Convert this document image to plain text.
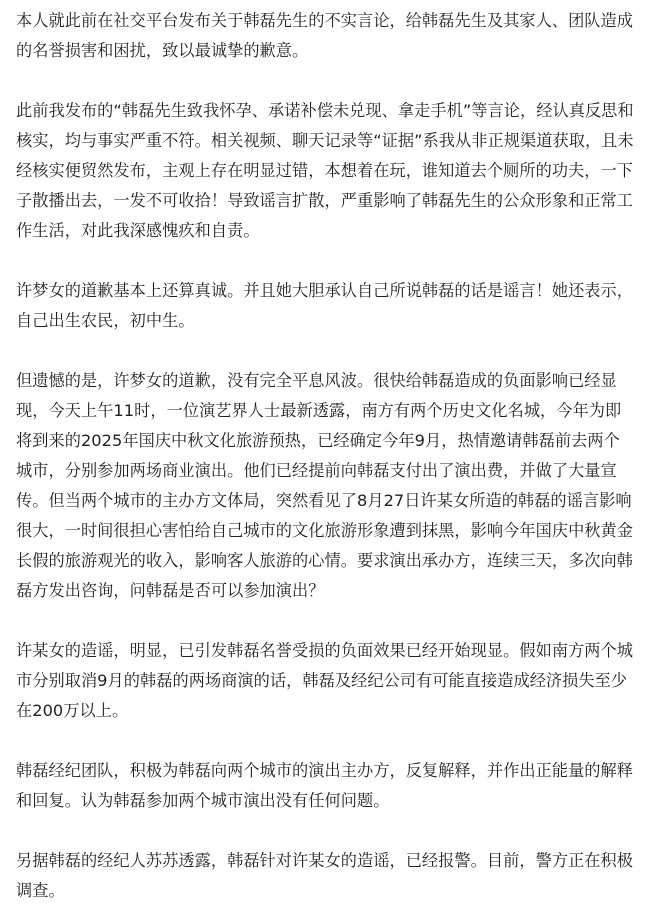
本人就此前在社交平台发布关于韩磊先生的不实言论，给韩磊先生及其家人、团队造成的名誉损害和困扰，致以最诚挚的歉意。

此前我发布的“韩磊先生致我怀孕、承诺补偿未兑现、拿走手机”等言论，经认真反思和核实，均与事实严重不符。相关视频、聊天记录等“证据”系我从非正规渠道获取，且未经核实便贸然发布，主观上存在明显过错，本想着在玩，谁知道去个厕所的功夫，一下子散播出去，一发不可收拾！导致谣言扩散，严重影响了韩磊先生的公众形象和正常工作生活，对此我深感愧疚和自责。

许梦女的道歉基本上还算真诚。并且她大胆承认自己所说韩磊的话是谣言！她还表示，自己出生农民，初中生。

但遗憾的是，许梦女的道歉，没有完全平息风波。很快给韩磊造成的负面影响已经显现，今天上午11时，一位演艺界人士最新透露，南方有两个历史文化名城，今年为即将到来的2025年国庆中秋文化旅游预热，已经确定今年9月，热情邀请韩磊前去两个城市，分别参加两场商业演出。他们已经提前向韩磊支付出了演出费，并做了大量宣传。但当两个城市的主办方文体局，突然看见了8月27日许某女所造的韩磊的谣言影响很大，一时间很担心害怕给自己城市的文化旅游形象遭到抹黑，影响今年国庆中秋黄金长假的旅游观光的收入，影响客人旅游的心情。要求演出承办方，连续三天，多次向韩磊方发出咨询，问韩磊是否可以参加演出？

许某女的造谣，明显，已引发韩磊名誉受损的负面效果已经开始现显。假如南方两个城市分别取消9月的韩磊的两场商演的话，韩磊及经纪公司有可能直接造成经济损失至少在200万以上。

韩磊经纪团队，积极为韩磊向两个城市的演出主办方，反复解释，并作出正能量的解释和回复。认为韩磊参加两个城市演出没有任何问题。

另据韩磊的经纪人苏苏透露，韩磊针对许某女的造谣，已经报警。目前，警方正在积极调查。
